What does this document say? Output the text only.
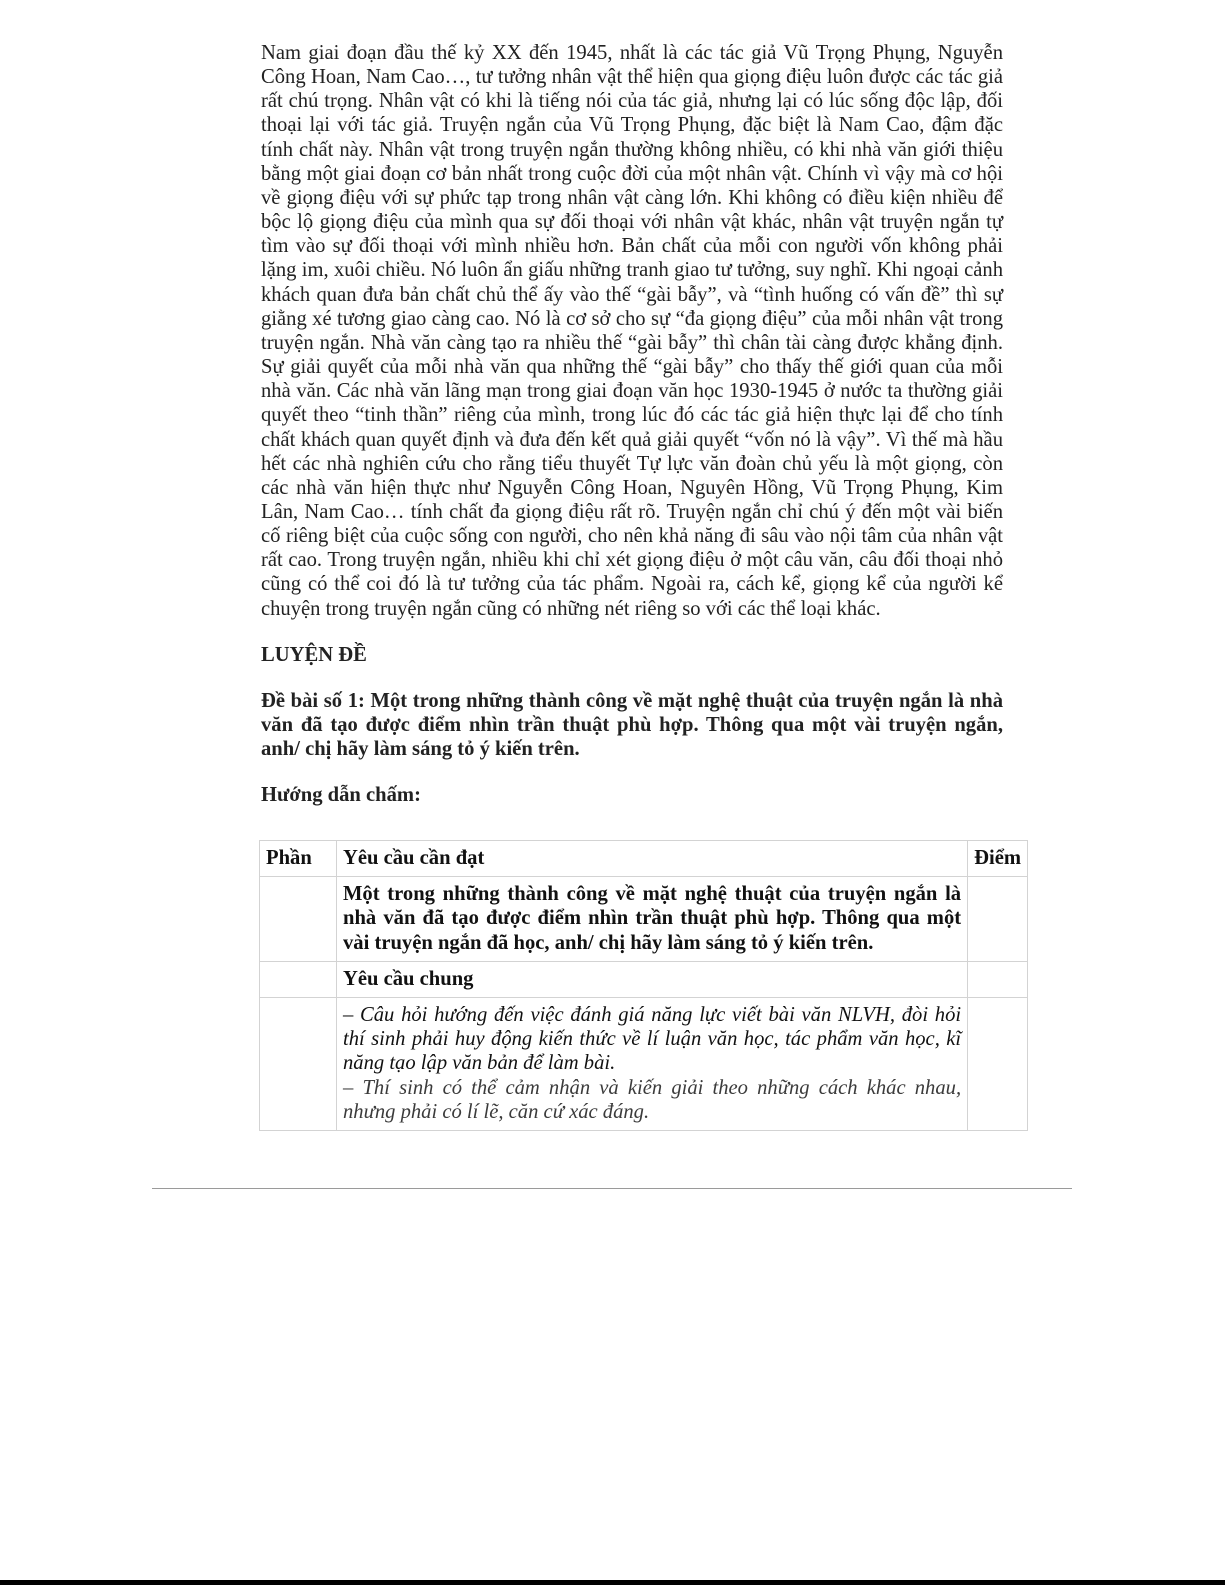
Nam giai đoạn đầu thế kỷ XX đến 1945, nhất là các tác giả Vũ Trọng Phụng, Nguyễn Công Hoan, Nam Cao…, tư tưởng nhân vật thể hiện qua giọng điệu luôn được các tác giả rất chú trọng. Nhân vật có khi là tiếng nói của tác giả, nhưng lại có lúc sống độc lập, đối thoại lại với tác giả. Truyện ngắn của Vũ Trọng Phụng, đặc biệt là Nam Cao, đậm đặc tính chất này. Nhân vật trong truyện ngắn thường không nhiều, có khi nhà văn giới thiệu bằng một giai đoạn cơ bản nhất trong cuộc đời của một nhân vật. Chính vì vậy mà cơ hội về giọng điệu với sự phức tạp trong nhân vật càng lớn. Khi không có điều kiện nhiều để bộc lộ giọng điệu của mình qua sự đối thoại với nhân vật khác, nhân vật truyện ngắn tự tìm vào sự đối thoại với mình nhiều hơn. Bản chất của mỗi con người vốn không phải lặng im, xuôi chiều. Nó luôn ẩn giấu những tranh giao tư tưởng, suy nghĩ. Khi ngoại cảnh khách quan đưa bản chất chủ thể ấy vào thế “gài bẫy”, và “tình huống có vấn đề” thì sự giằng xé tương giao càng cao. Nó là cơ sở cho sự “đa giọng điệu” của mỗi nhân vật trong truyện ngắn. Nhà văn càng tạo ra nhiều thế “gài bẫy” thì chân tài càng được khẳng định. Sự giải quyết của mỗi nhà văn qua những thế “gài bẫy” cho thấy thế giới quan của mỗi nhà văn. Các nhà văn lãng mạn trong giai đoạn văn học 1930-1945 ở nước ta thường giải quyết theo “tinh thần” riêng của mình, trong lúc đó các tác giả hiện thực lại để cho tính chất khách quan quyết định và đưa đến kết quả giải quyết “vốn nó là vậy”. Vì thế mà hầu hết các nhà nghiên cứu cho rằng tiểu thuyết Tự lực văn đoàn chủ yếu là một giọng, còn các nhà văn hiện thực như Nguyễn Công Hoan, Nguyên Hồng, Vũ Trọng Phụng, Kim Lân, Nam Cao… tính chất đa giọng điệu rất rõ. Truyện ngắn chỉ chú ý đến một vài biến cố riêng biệt của cuộc sống con người, cho nên khả năng đi sâu vào nội tâm của nhân vật rất cao. Trong truyện ngắn, nhiều khi chỉ xét giọng điệu ở một câu văn, câu đối thoại nhỏ cũng có thể coi đó là tư tưởng của tác phẩm. Ngoài ra, cách kể, giọng kể của người kể chuyện trong truyện ngắn cũng có những nét riêng so với các thể loại khác.

LUYỆN ĐỀ

Đề bài số 1: Một trong những thành công về mặt nghệ thuật của truyện ngắn là nhà văn đã tạo được điểm nhìn trần thuật phù hợp. Thông qua một vài truyện ngắn, anh/ chị hãy làm sáng tỏ ý kiến trên.

Hướng dẫn chấm:

Phần	Yêu cầu cần đạt	Điểm
	Một trong những thành công về mặt nghệ thuật của truyện ngắn là nhà văn đã tạo được điểm nhìn trần thuật phù hợp. Thông qua một vài truyện ngắn đã học, anh/ chị hãy làm sáng tỏ ý kiến trên.	
	Yêu cầu chung	

	– Câu hỏi hướng đến việc đánh giá năng lực viết bài văn NLVH, đòi hỏi thí sinh phải huy động kiến thức về lí luận văn học, tác phẩm văn học, kĩ năng tạo lập văn bản để làm bài.
– Thí sinh có thể cảm nhận và kiến giải theo những cách khác nhau, nhưng phải có lí lẽ, căn cứ xác đáng.	
